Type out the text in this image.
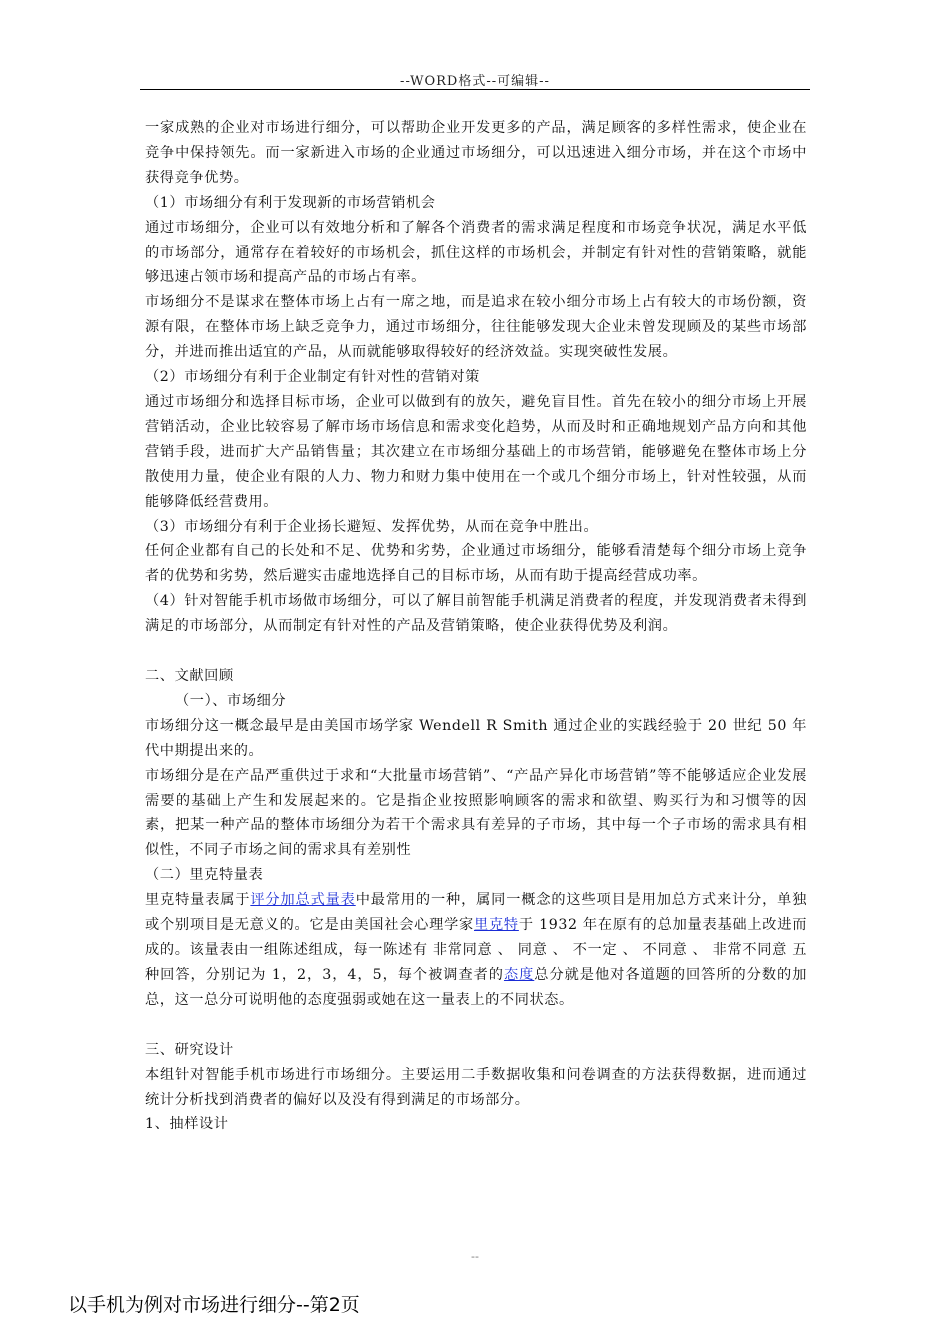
--WORD格式--可编辑--

一家成熟的企业对市场进行细分，可以帮助企业开发更多的产品，满足顾客的多样性需求，使企业在竞争中保持领先。而一家新进入市场的企业通过市场细分，可以迅速进入细分市场，并在这个市场中获得竞争优势。

（1）市场细分有利于发现新的市场营销机会

通过市场细分，企业可以有效地分析和了解各个消费者的需求满足程度和市场竞争状况，满足水平低的市场部分，通常存在着较好的市场机会，抓住这样的市场机会，并制定有针对性的营销策略，就能够迅速占领市场和提高产品的市场占有率。

市场细分不是谋求在整体市场上占有一席之地，而是追求在较小细分市场上占有较大的市场份额，资源有限，在整体市场上缺乏竞争力，通过市场细分，往往能够发现大企业未曾发现顾及的某些市场部分，并进而推出适宜的产品，从而就能够取得较好的经济效益。实现突破性发展。

（2）市场细分有利于企业制定有针对性的营销对策

通过市场细分和选择目标市场，企业可以做到有的放矢，避免盲目性。首先在较小的细分市场上开展营销活动，企业比较容易了解市场市场信息和需求变化趋势，从而及时和正确地规划产品方向和其他营销手段，进而扩大产品销售量；其次建立在市场细分基础上的市场营销，能够避免在整体市场上分散使用力量，使企业有限的人力、物力和财力集中使用在一个或几个细分市场上，针对性较强，从而能够降低经营费用。

（3）市场细分有利于企业扬长避短、发挥优势，从而在竞争中胜出。

任何企业都有自己的长处和不足、优势和劣势，企业通过市场细分，能够看清楚每个细分市场上竞争者的优势和劣势，然后避实击虚地选择自己的目标市场，从而有助于提高经营成功率。

（4）针对智能手机市场做市场细分，可以了解目前智能手机满足消费者的程度，并发现消费者未得到满足的市场部分，从而制定有针对性的产品及营销策略，使企业获得优势及利润。

二、文献回顾

（一）、市场细分

市场细分这一概念最早是由美国市场学家 Wendell R Smith 通过企业的实践经验于 20 世纪 50 年代中期提出来的。

市场细分是在产品严重供过于求和“大批量市场营销”、“产品产异化市场营销”等不能够适应企业发展需要的基础上产生和发展起来的。它是指企业按照影响顾客的需求和欲望、购买行为和习惯等的因素，把某一种产品的整体市场细分为若干个需求具有差异的子市场，其中每一个子市场的需求具有相似性，不同子市场之间的需求具有差别性

（二）里克特量表

里克特量表属于评分加总式量表中最常用的一种，属同一概念的这些项目是用加总方式来计分，单独或个别项目是无意义的。它是由美国社会心理学家里克特于 1932 年在原有的总加量表基础上改进而成的。该量表由一组陈述组成，每一陈述有 非常同意 、 同意 、 不一定 、 不同意 、 非常不同意 五种回答，分别记为 1，2，3，4，5，每个被调查者的态度总分就是他对各道题的回答所的分数的加总，这一总分可说明他的态度强弱或她在这一量表上的不同状态。

三、研究设计

本组针对智能手机市场进行市场细分。主要运用二手数据收集和问卷调查的方法获得数据，进而通过统计分析找到消费者的偏好以及没有得到满足的市场部分。

1、抽样设计

--
以手机为例对市场进行细分--第2页
